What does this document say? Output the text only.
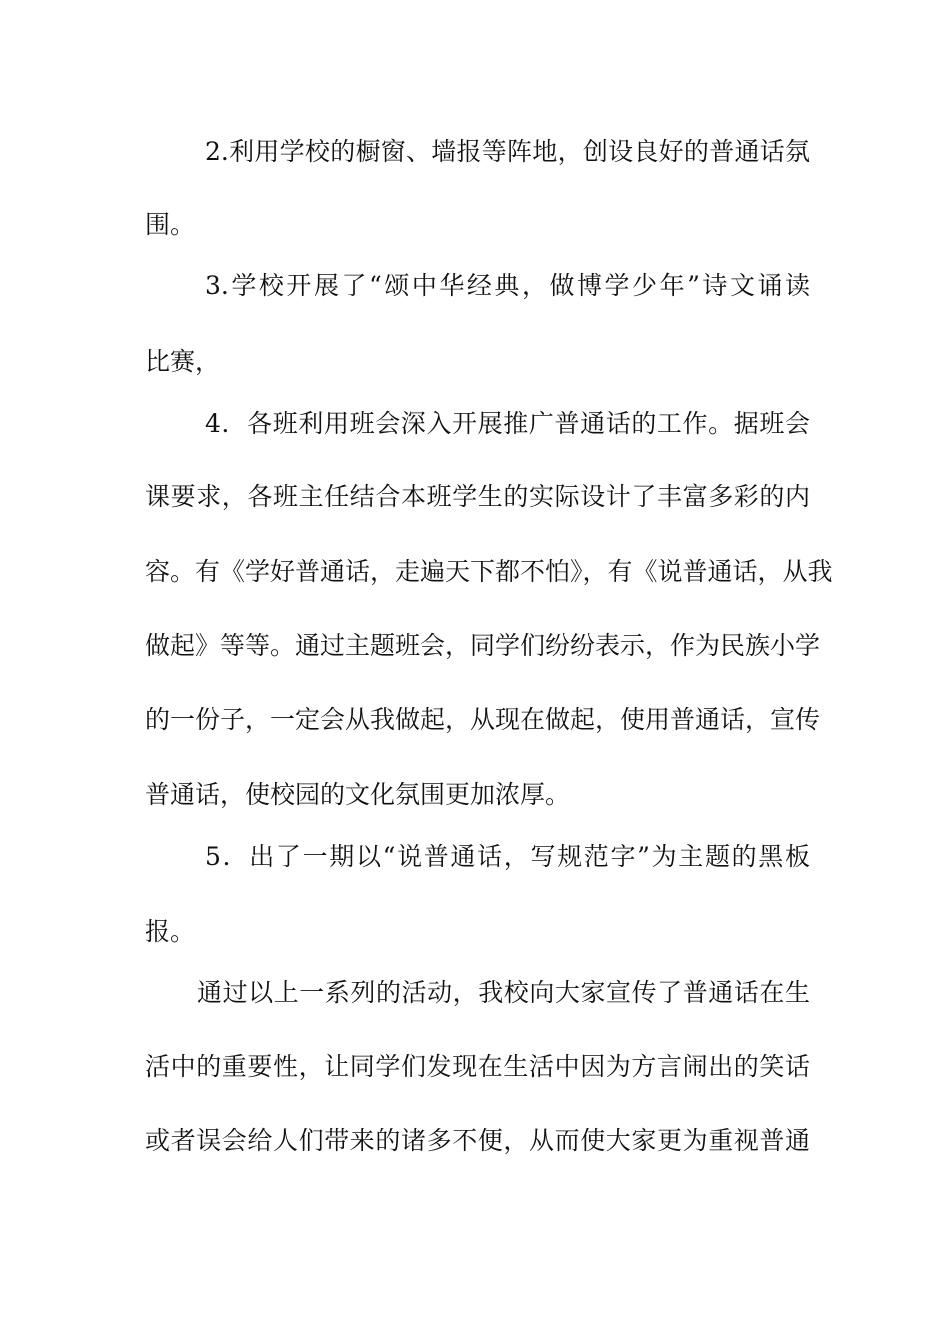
2.利用学校的橱窗、墙报等阵地，创设良好的普通话氛
围。
3.学校开展了“颂中华经典，做博学少年”诗文诵读
比赛，
4．各班利用班会深入开展推广普通话的工作。据班会
课要求，各班主任结合本班学生的实际设计了丰富多彩的内
容。有《学好普通话，走遍天下都不怕》，有《说普通话，从我
做起》等等。通过主题班会，同学们纷纷表示，作为民族小学
的一份子，一定会从我做起，从现在做起，使用普通话，宣传
普通话，使校园的文化氛围更加浓厚。
5．出了一期以“说普通话，写规范字”为主题的黑板
报。
通过以上一系列的活动，我校向大家宣传了普通话在生
活中的重要性，让同学们发现在生活中因为方言闹出的笑话
或者误会给人们带来的诸多不便，从而使大家更为重视普通
